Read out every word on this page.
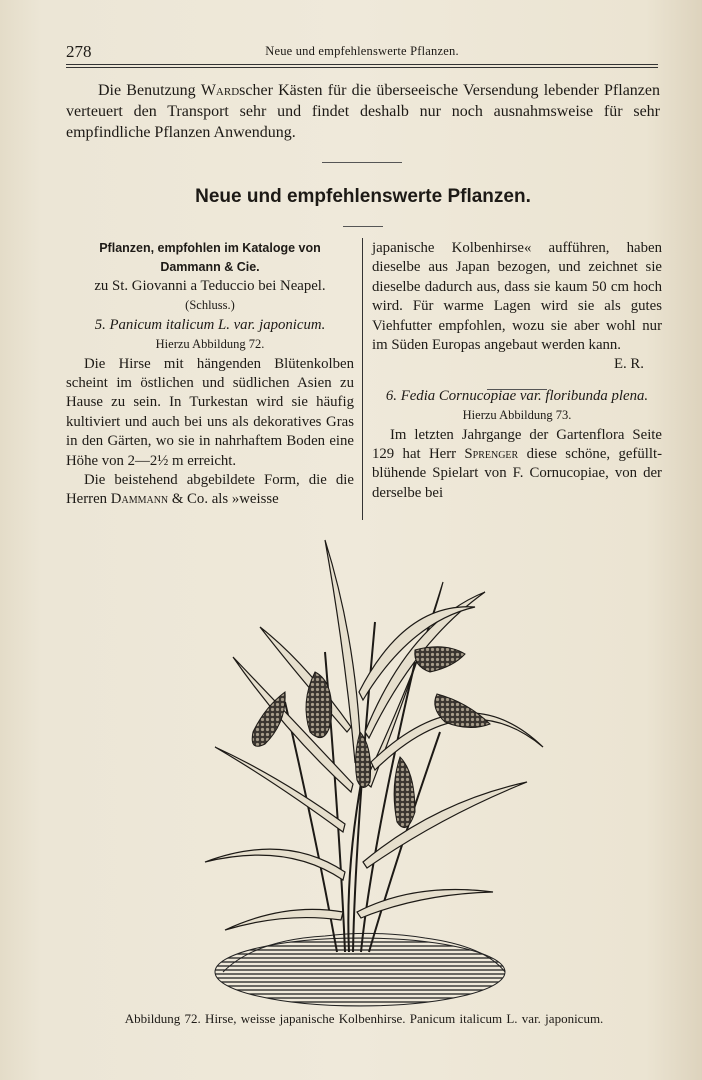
278	Neue und empfehlenswerte Pflanzen.

Die Benutzung Wardscher Kästen für die überseeische Versendung lebender Pflanzen verteuert den Transport sehr und findet deshalb nur noch ausnahmsweise für sehr empfindliche Pflanzen Anwendung.

Neue und empfehlenswerte Pflanzen.
Pflanzen, empfohlen im Kataloge von
Dammann & Cie.
zu St. Giovanni a Teduccio bei Neapel.
(Schluss.)
5. Panicum italicum L. var. japonicum.
Hierzu Abbildung 72.

Die Hirse mit hängenden Blütenkolben scheint im östlichen und südlichen Asien zu Hause zu sein. In Turkestan wird sie häufig kultiviert und auch bei uns als dekoratives Gras in den Gärten, wo sie in nahrhaftem Boden eine Höhe von 2—2½ m erreicht.

Die beistehend abgebildete Form, die die Herren Dammann & Co. als »weisse

japanische Kolbenhirse« aufführen, haben dieselbe aus Japan bezogen, und zeichnet sie dieselbe dadurch aus, dass sie kaum 50 cm hoch wird. Für warme Lagen wird sie als gutes Viehfutter empfohlen, wozu sie aber wohl nur im Süden Europas angebaut werden kann.

E. R.
6. Fedia Cornucopiae var. floribunda plena.
Hierzu Abbildung 73.

Im letzten Jahrgange der Gartenflora Seite 129 hat Herr Sprenger diese schöne, gefüllt-blühende Spielart von F. Cornucopiae, von der derselbe bei

Abbildung 72. Hirse, weisse japanische Kolbenhirse. Panicum italicum L. var. japonicum.
